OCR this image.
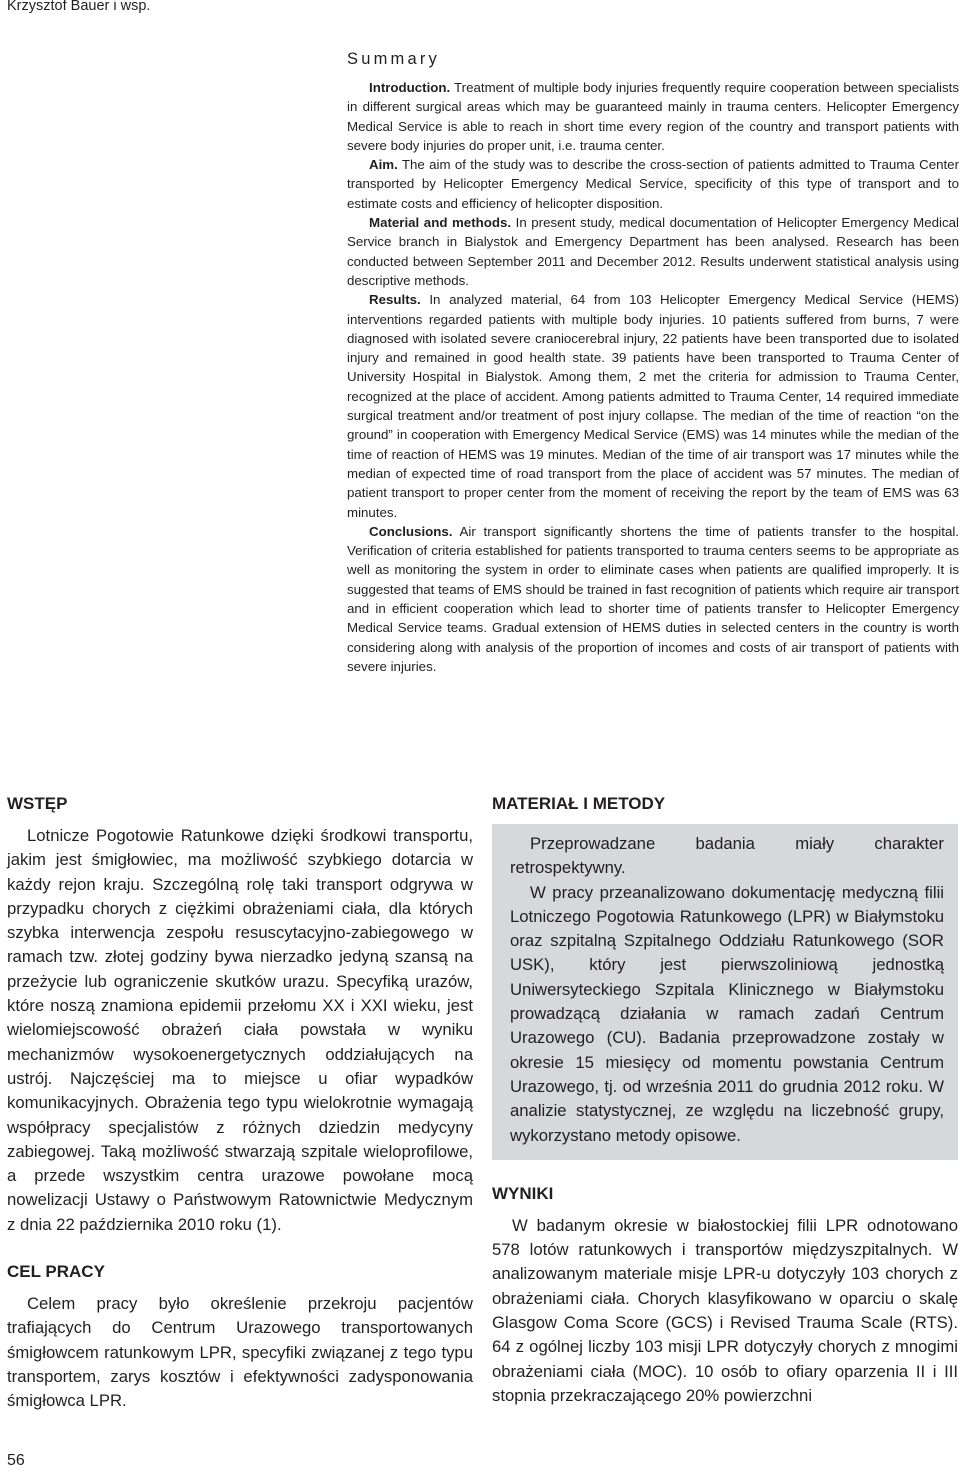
Krzysztof Bauer i wsp.
Summary

Introduction. Treatment of multiple body injuries frequently require cooperation between specialists in different surgical areas which may be guaranteed mainly in trauma centers. Helicopter Emergency Medical Service is able to reach in short time every region of the country and transport patients with severe body injuries do proper unit, i.e. trauma center.

Aim. The aim of the study was to describe the cross-section of patients admitted to Trauma Center transported by Helicopter Emergency Medical Service, specificity of this type of transport and to estimate costs and efficiency of helicopter disposition.

Material and methods. In present study, medical documentation of Helicopter Emergency Medical Service branch in Bialystok and Emergency Department has been analysed. Research has been conducted between September 2011 and December 2012. Results underwent statistical analysis using descriptive methods.

Results. In analyzed material, 64 from 103 Helicopter Emergency Medical Service (HEMS) interventions regarded patients with multiple body injuries. 10 patients suffered from burns, 7 were diagnosed with isolated severe craniocerebral injury, 22 patients have been transported due to isolated injury and remained in good health state. 39 patients have been transported to Trauma Center of University Hospital in Bialystok. Among them, 2 met the criteria for admission to Trauma Center, recognized at the place of accident. Among patients admitted to Trauma Center, 14 required immediate surgical treatment and/or treatment of post injury collapse. The median of the time of reaction “on the ground” in cooperation with Emergency Medical Service (EMS) was 14 minutes while the median of the time of reaction of HEMS was 19 minutes. Median of the time of air transport was 17 minutes while the median of expected time of road transport from the place of accident was 57 minutes. The median of patient transport to proper center from the moment of receiving the report by the team of EMS was 63 minutes.

Conclusions. Air transport significantly shortens the time of patients transfer to the hospital. Verification of criteria established for patients transported to trauma centers seems to be appropriate as well as monitoring the system in order to eliminate cases when patients are qualified improperly. It is suggested that teams of EMS should be trained in fast recognition of patients which require air transport and in efficient cooperation which lead to shorter time of patients transfer to Helicopter Emergency Medical Service teams. Gradual extension of HEMS duties in selected centers in the country is worth considering along with analysis of the proportion of incomes and costs of air transport of patients with severe injuries.

WSTĘP

Lotnicze Pogotowie Ratunkowe dzięki środkowi transportu, jakim jest śmigłowiec, ma możliwość szybkiego dotarcia w każdy rejon kraju. Szczególną rolę taki transport odgrywa w przypadku chorych z ciężkimi obrażeniami ciała, dla których szybka interwencja zespołu resuscytacyjno-zabiegowego w ramach tzw. złotej godziny bywa nierzadko jedyną szansą na przeżycie lub ograniczenie skutków urazu. Specyfiką urazów, które noszą znamiona epidemii przełomu XX i XXI wieku, jest wielomiejscowość obrażeń ciała powstała w wyniku mechanizmów wysokoenergetycznych oddziałujących na ustrój. Najczęściej ma to miejsce u ofiar wypadków komunikacyjnych. Obrażenia tego typu wielokrotnie wymagają współpracy specjalistów z różnych dziedzin medycyny zabiegowej. Taką możliwość stwarzają szpitale wieloprofilowe, a przede wszystkim centra urazowe powołane mocą nowelizacji Ustawy o Państwowym Ratownictwie Medycznym z dnia 22 października 2010 roku (1).

CEL PRACY

Celem pracy było określenie przekroju pacjentów trafiających do Centrum Urazowego transportowanych śmigłowcem ratunkowym LPR, specyfiki związanej z tego typu transportem, zarys kosztów i efektywności zadysponowania śmigłowca LPR.

MATERIAŁ I METODY

Przeprowadzane badania miały charakter retrospektywny.

W pracy przeanalizowano dokumentację medyczną filii Lotniczego Pogotowia Ratunkowego (LPR) w Białymstoku oraz szpitalną Szpitalnego Oddziału Ratunkowego (SOR USK), który jest pierwszoliniową jednostką Uniwersyteckiego Szpitala Klinicznego w Białymstoku prowadzącą działania w ramach zadań Centrum Urazowego (CU). Badania przeprowadzone zostały w okresie 15 miesięcy od momentu powstania Centrum Urazowego, tj. od września 2011 do grudnia 2012 roku. W analizie statystycznej, ze względu na liczebność grupy, wykorzystano metody opisowe.

WYNIKI

W badanym okresie w białostockiej filii LPR odnotowano 578 lotów ratunkowych i transportów międzyszpitalnych. W analizowanym materiale misje LPR-u dotyczyły 103 chorych z obrażeniami ciała. Chorych klasyfikowano w oparciu o skalę Glasgow Coma Score (GCS) i Revised Trauma Scale (RTS). 64 z ogólnej liczby 103 misji LPR dotyczyły chorych z mnogimi obrażeniami ciała (MOC). 10 osób to ofiary oparzenia II i III stopnia przekraczającego 20% powierzchni

56
